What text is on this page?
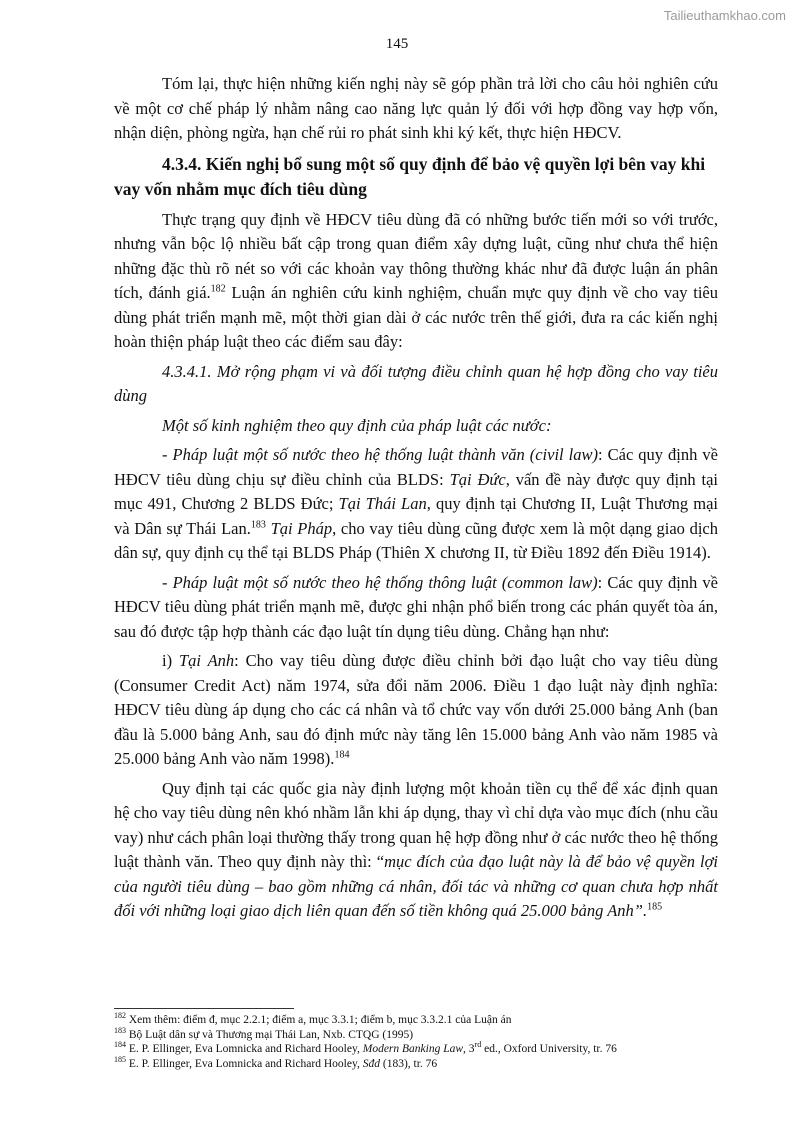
Tailieuthamkhao.com
145

Tóm lại, thực hiện những kiến nghị này sẽ góp phần trả lời cho câu hỏi nghiên cứu về một cơ chế pháp lý nhằm nâng cao năng lực quản lý đối với hợp đồng vay hợp vốn, nhận diện, phòng ngừa, hạn chế rủi ro phát sinh khi ký kết, thực hiện HĐCV.

4.3.4. Kiến nghị bổ sung một số quy định để bảo vệ quyền lợi bên vay khi vay vốn nhằm mục đích tiêu dùng

Thực trạng quy định về HĐCV tiêu dùng đã có những bước tiến mới so với trước, nhưng vẫn bộc lộ nhiều bất cập trong quan điểm xây dựng luật, cũng như chưa thể hiện những đặc thù rõ nét so với các khoản vay thông thường khác như đã được luận án phân tích, đánh giá.$^{182}$ Luận án nghiên cứu kinh nghiệm, chuẩn mực quy định về cho vay tiêu dùng phát triển mạnh mẽ, một thời gian dài ở các nước trên thế giới, đưa ra các kiến nghị hoàn thiện pháp luật theo các điểm sau đây:

4.3.4.1. Mở rộng phạm vi và đối tượng điều chỉnh quan hệ hợp đồng cho vay tiêu dùng

Một số kinh nghiệm theo quy định của pháp luật các nước:

- Pháp luật một số nước theo hệ thống luật thành văn (civil law): Các quy định về HĐCV tiêu dùng chịu sự điều chỉnh của BLDS: Tại Đức, vấn đề này được quy định tại mục 491, Chương 2 BLDS Đức; Tại Thái Lan, quy định tại Chương II, Luật Thương mại và Dân sự Thái Lan.$^{183}$ Tại Pháp, cho vay tiêu dùng cũng được xem là một dạng giao dịch dân sự, quy định cụ thể tại BLDS Pháp (Thiên X chương II, từ Điều 1892 đến Điều 1914).

- Pháp luật một số nước theo hệ thống thông luật (common law): Các quy định về HĐCV tiêu dùng phát triển mạnh mẽ, được ghi nhận phổ biến trong các phán quyết tòa án, sau đó được tập hợp thành các đạo luật tín dụng tiêu dùng. Chẳng hạn như:

i) Tại Anh: Cho vay tiêu dùng được điều chỉnh bởi đạo luật cho vay tiêu dùng (Consumer Credit Act) năm 1974, sửa đổi năm 2006. Điều 1 đạo luật này định nghĩa: HĐCV tiêu dùng áp dụng cho các cá nhân và tổ chức vay vốn dưới 25.000 bảng Anh (ban đầu là 5.000 bảng Anh, sau đó định mức này tăng lên 15.000 bảng Anh vào năm 1985 và 25.000 bảng Anh vào năm 1998).$^{184}$

Quy định tại các quốc gia này định lượng một khoản tiền cụ thể để xác định quan hệ cho vay tiêu dùng nên khó nhầm lẫn khi áp dụng, thay vì chỉ dựa vào mục đích (nhu cầu vay) như cách phân loại thường thấy trong quan hệ hợp đồng như ở các nước theo hệ thống luật thành văn. Theo quy định này thì: “mục đích của đạo luật này là để bảo vệ quyền lợi của người tiêu dùng – bao gồm những cá nhân, đối tác và những cơ quan chưa hợp nhất đối với những loại giao dịch liên quan đến số tiền không quá 25.000 bảng Anh”.$^{185}$

$^{182}$ Xem thêm: điểm đ, mục 2.2.1; điểm a, mục 3.3.1; điểm b, mục 3.3.2.1 của Luận án
$^{183}$ Bộ Luật dân sự và Thương mại Thái Lan, Nxb. CTQG (1995)
$^{184}$ E. P. Ellinger, Eva Lomnicka and Richard Hooley, Modern Banking Law, 3rd ed., Oxford University, tr. 76
$^{185}$ E. P. Ellinger, Eva Lomnicka and Richard Hooley, Sđd (183), tr. 76
